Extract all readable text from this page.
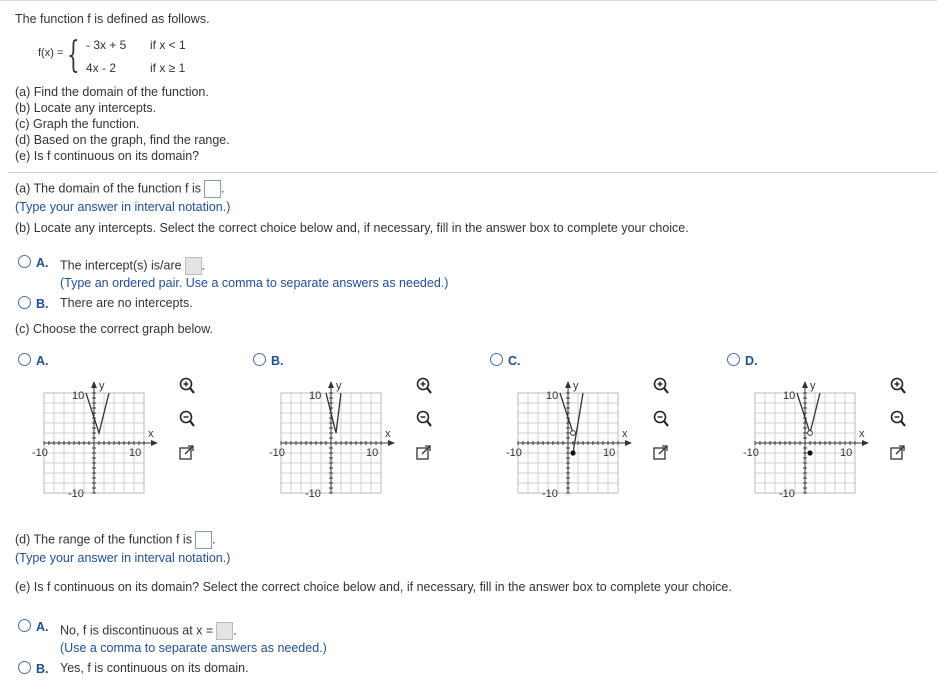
The function f is defined as follows.
f(x) = { - 3x + 5 if x < 1
4x - 2	if x ≥ 1
(a) Find the domain of the function.
(b) Locate any intercepts.
(c) Graph the function.
(d) Based on the graph, find the range.
(e) Is f continuous on its domain?
(a) The domain of the function f is .
(Type your answer in interval notation.)
(b) Locate any intercepts. Select the correct choice below and, if necessary, fill in the answer box to complete your choice.
A. The intercept(s) is/are .
(Type an ordered pair. Use a comma to separate answers as needed.)
B. There are no intercepts.
(c) Choose the correct graph below.
A.	B.	C.	D.
y
10
x
-10	10
-10
y
10
x
-10	10
-10
y
10
x
-10	10
-10
y
10
x
-10	10
-10
(d) The range of the function f is .
(Type your answer in interval notation.)
(e) Is f continuous on its domain? Select the correct choice below and, if necessary, fill in the answer box to complete your choice.
A. No, f is discontinuous at x = .
(Use a comma to separate answers as needed.)
B. Yes, f is continuous on its domain.
